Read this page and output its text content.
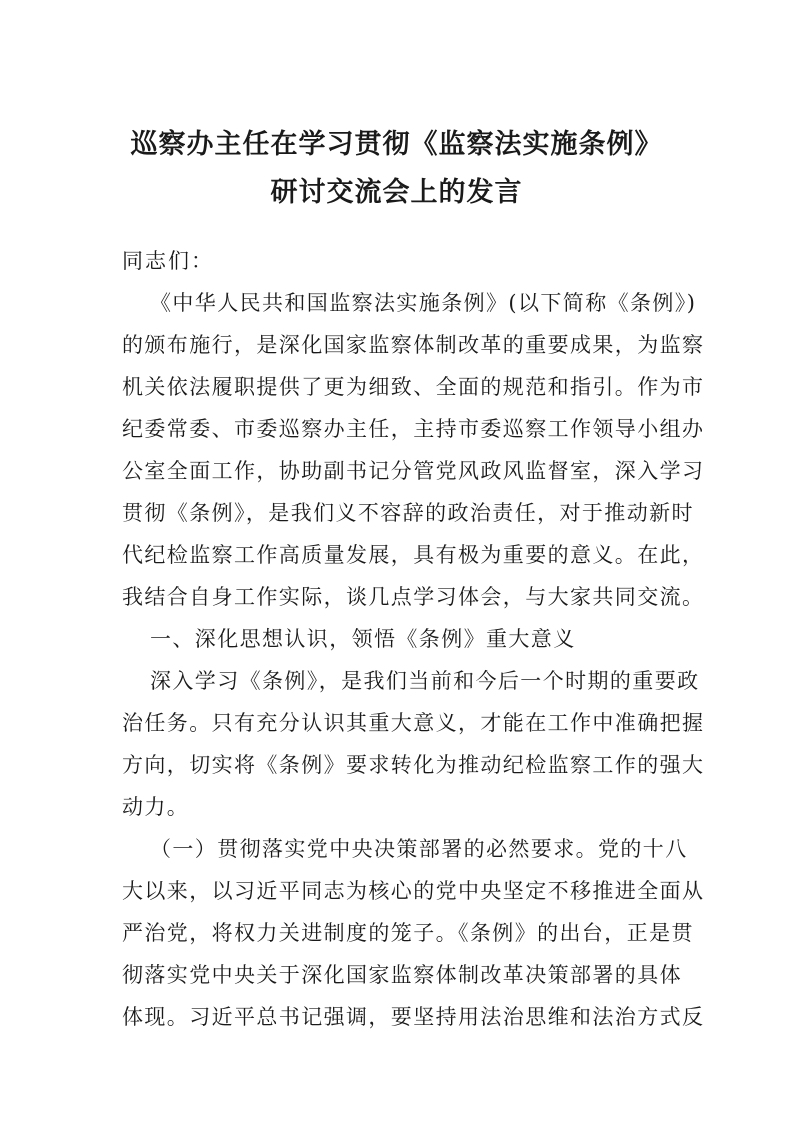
巡察办主任在学习贯彻《监察法实施条例》
研讨交流会上的发言

同志们：

《中华人民共和国监察法实施条例》(以下简称《条例》)

的颁布施行，是深化国家监察体制改革的重要成果，为监察

机关依法履职提供了更为细致、全面的规范和指引。作为市

纪委常委、市委巡察办主任，主持市委巡察工作领导小组办

公室全面工作，协助副书记分管党风政风监督室，深入学习

贯彻《条例》，是我们义不容辞的政治责任，对于推动新时

代纪检监察工作高质量发展，具有极为重要的意义。在此，

我结合自身工作实际，谈几点学习体会，与大家共同交流。

一、深化思想认识，领悟《条例》重大意义

深入学习《条例》，是我们当前和今后一个时期的重要政

治任务。只有充分认识其重大意义，才能在工作中准确把握

方向，切实将《条例》要求转化为推动纪检监察工作的强大

动力。

（一）贯彻落实党中央决策部署的必然要求。党的十八

大以来，以习近平同志为核心的党中央坚定不移推进全面从

严治党，将权力关进制度的笼子。《条例》的出台，正是贯

彻落实党中央关于深化国家监察体制改革决策部署的具体

体现。习近平总书记强调，要坚持用法治思维和法治方式反
